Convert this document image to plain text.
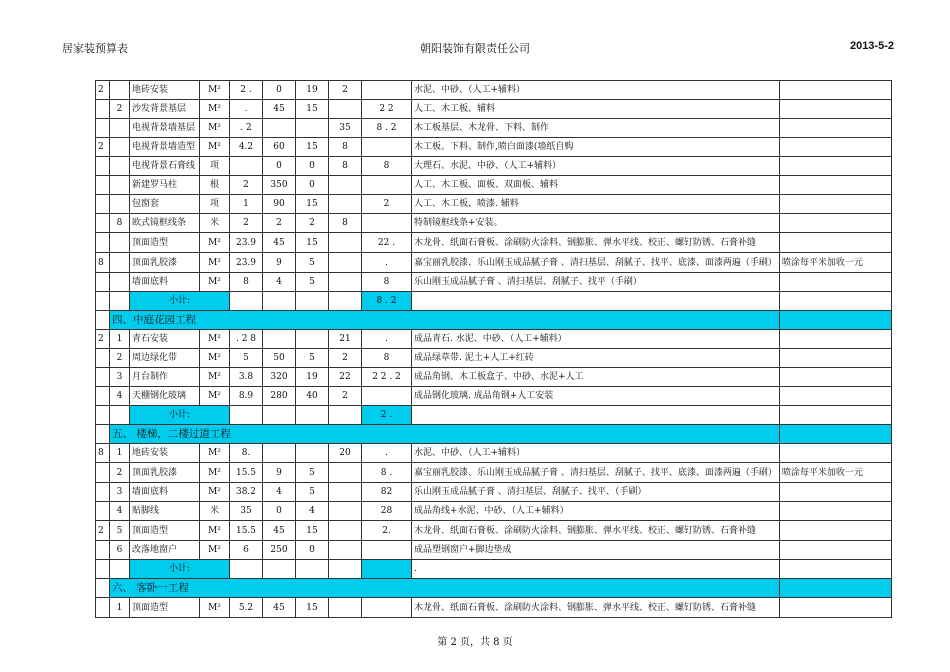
居家装预算表	朝阳装饰有限责任公司	2013-5-2
2		地砖安装	M²	2 .	0	19	2		水泥、中砂、（人工+辅料）	
	2	沙发背景基层	M²	.	45	15		2 2	人工、木工板、辅料	
		电视背景墙基层	M²	. 2			35	8 . 2	木工板基层、木龙骨、下料、制作	
2		电视背景墙造型	M²	4.2	60	15	8		木工板、下料、制作,喷白面漆(墙纸自购	
		电视背景石膏线	项		0	0	8	8	大理石、水泥、中砂、（人工+辅料）	
		新建罗马柱	根	2	350	0			人工、木工板、面板、双面板、辅料	
		包窗套	项	1	90	15		2	人工、木工板、喷漆. 辅料	
	8	欧式镜框线条	米	2	2	2	8		特制镜框线条+安装。	
		顶面造型	M²	23.9	45	15		22 .	木龙骨、纸面石膏板、涂刷防火涂料、钢膨胀、弹水平线、校正、螺钉防锈、石膏补缝	
8		顶面乳胶漆	M²	23.9	9	5		.	嘉宝丽乳胶漆、乐山刚玉成品腻子膏 、清扫基层、刮腻子、找平、底漆、面漆两遍（手刷）	喷涂每平米加收一元
		墙面底料	M²	8	4	5		8	乐山刚玉成品腻子膏 、清扫基层、刮腻子、找平（手刷）	
		小计:						8 . 2		
	四、中庭花园工程									
2	1	青石安装	M²	. 2 8			21	.	成品青石. 水泥、中砂、（人工+辅料）	
	2	周边绿化带	M²	5	50	5	2	8	成品绿草带. 泥土+人工+红砖	
	3	月台制作	M²	3.8	320	19	22	2 2 . 2	成品角钢、木工板盒子、中砂、水泥+人工	
	4	天棚钢化玻璃	M²	8.9	280	40	2		成品钢化玻璃. 成品角钢+人工安装	
		小计:						2 .		
	五、 楼梯，二楼过道工程									
8	1	地砖安装	M²	8.			20	.	水泥、中砂、（人工+辅料）	
	2	顶面乳胶漆	M²	15.5	9	5		8 .	嘉宝丽乳胶漆、乐山刚玉成品腻子膏 、清扫基层、刮腻子、找平、底漆、面漆两遍（手刷）	喷涂每平米加收一元
	3	墙面底料	M²	38.2	4	5		82	乐山刚玉成品腻子膏 、清扫基层、刮腻子、找平、（手刷）	
	4	贴脚线	米	35	0	4		28	成品角线+水泥、中砂、（人工+辅料）	
2	5	顶面造型	M²	15.5	45	15		2.	木龙骨、纸面石膏板、涂刷防火涂料、钢膨胀、弹水平线、校正、螺钉防锈、石膏补缝	
	6	改落地窗户	M²	6	250	0			成品塑钢窗户+脚边垫成	
		小计:							.	
	六、 客卧一工程									
	1	顶面造型	M²	5.2	45	15			木龙骨、纸面石膏板、涂刷防火涂料、钢膨胀、弹水平线、校正、螺钉防锈、石膏补缝	
第 2 页，共 8 页
